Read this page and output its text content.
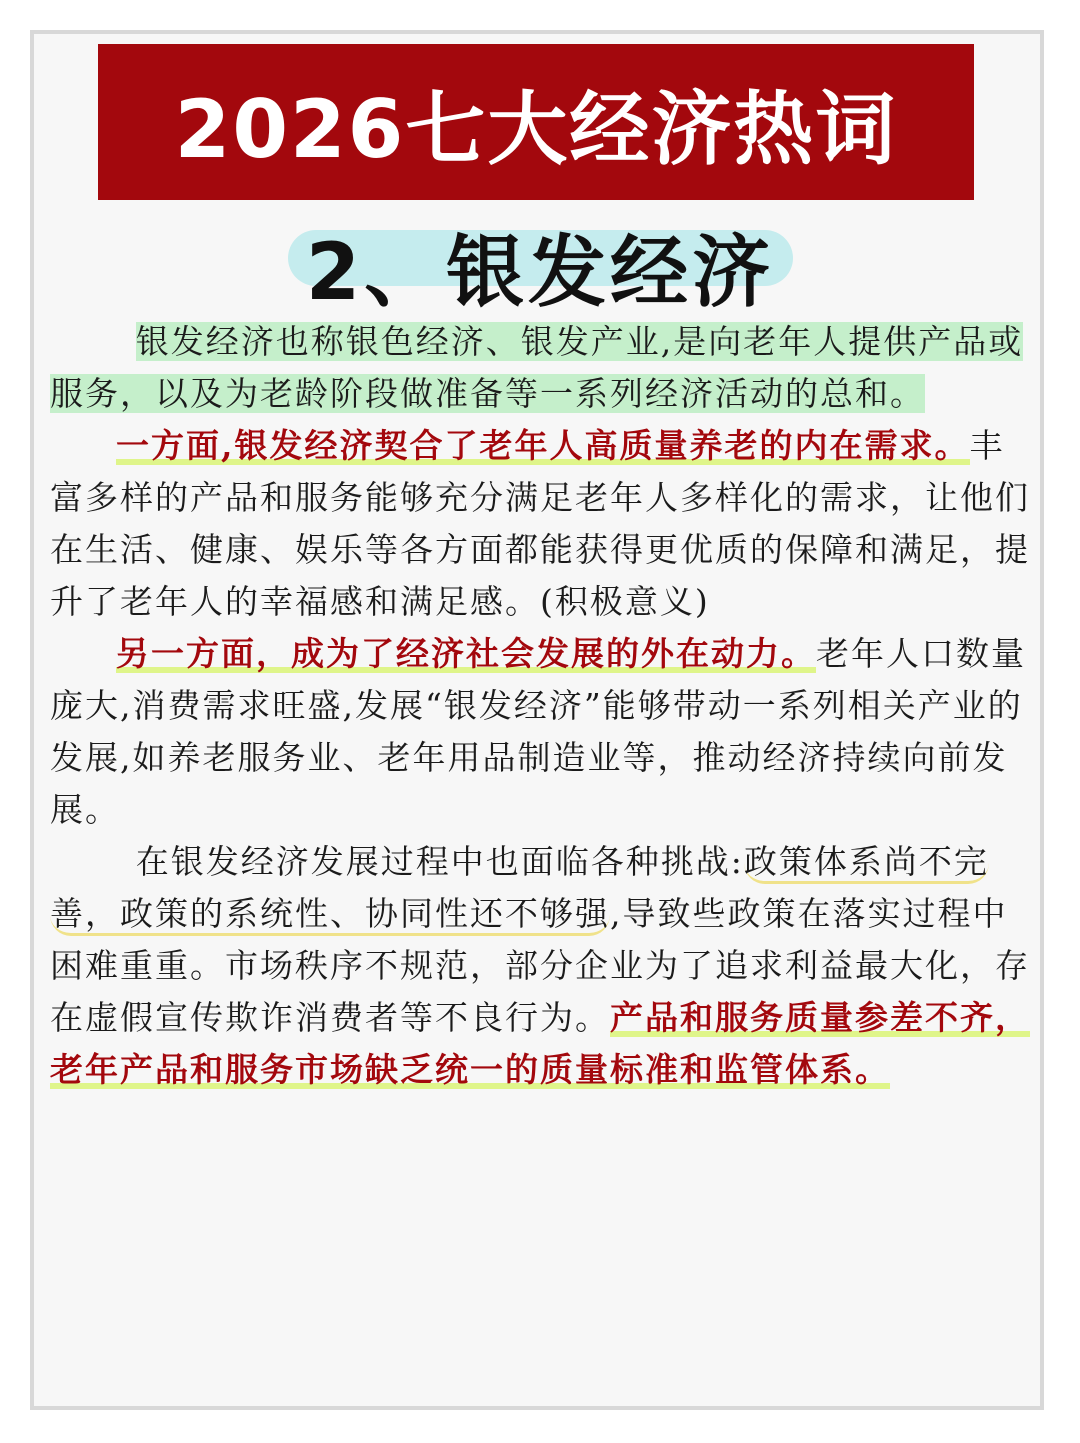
2026七大经济热词
2、银发经济

银发经济也称银色经济、银发产业,是向老年人提供产品或服务，以及为老龄阶段做准备等一系列经济活动的总和。

一方面,银发经济契合了老年人高质量养老的内在需求。丰富多样的产品和服务能够充分满足老年人多样化的需求，让他们在生活、健康、娱乐等各方面都能获得更优质的保障和满足，提升了老年人的幸福感和满足感。(积极意义)

另一方面，成为了经济社会发展的外在动力。老年人口数量庞大,消费需求旺盛,发展“银发经济”能够带动一系列相关产业的发展,如养老服务业、老年用品制造业等，推动经济持续向前发展。

在银发经济发展过程中也面临各种挑战:政策体系尚不完善，政策的系统性、协同性还不够强,导致些政策在落实过程中困难重重。市场秩序不规范，部分企业为了追求利益最大化，存在虚假宣传欺诈消费者等不良行为。产品和服务质量参差不齐，老年产品和服务市场缺乏统一的质量标准和监管体系。
